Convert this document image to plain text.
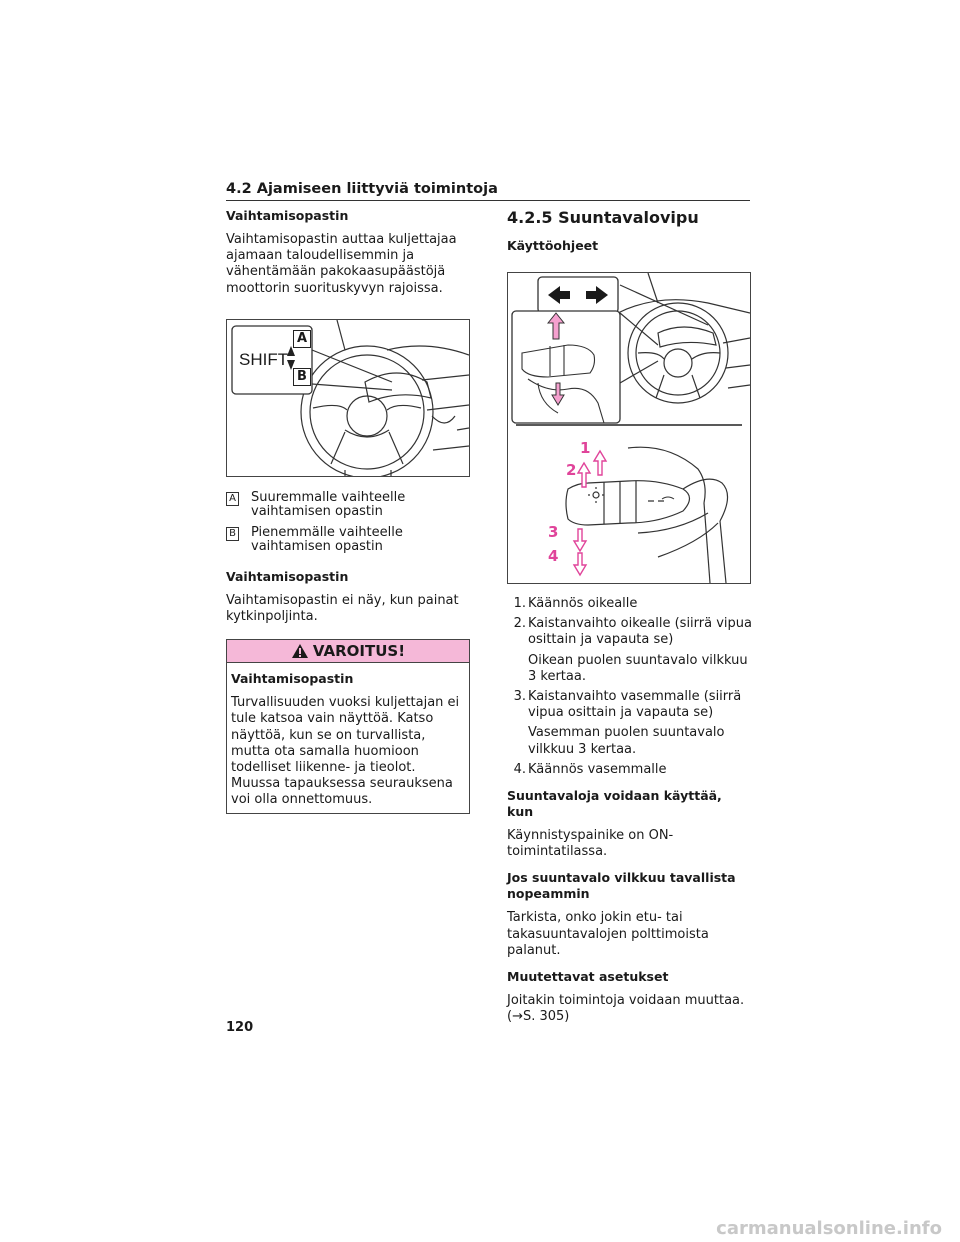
4.2 Ajamiseen liittyviä toimintoja
Vaihtamisopastin
Vaihtamisopastin auttaa kuljettajaa ajamaan taloudellisemmin ja vähentämään pakokaasupäästöjä moottorin suorituskyvyn rajoissa.
SHIFT
A
B
A Suuremmalle vaihteelle vaihtamisen opastin
B Pienemmälle vaihteelle vaihtamisen opastin
Vaihtamisopastin
Vaihtamisopastin ei näy, kun painat kytkinpoljinta.
VAROITUS!
Vaihtamisopastin
Turvallisuuden vuoksi kuljettajan ei tule katsoa vain näyttöä. Katso näyttöä, kun se on turvallista, mutta ota samalla huomioon todelliset liikenne- ja tieolot. Muussa tapauksessa seurauksena voi olla onnettomuus.
4.2.5 Suuntavalovipu
Käyttöohjeet
1
2
3
4
1. Käännös oikealle
2. Kaistanvaihto oikealle (siirrä vipua osittain ja vapauta se)
Oikean puolen suuntavalo vilkkuu 3 kertaa.
3. Kaistanvaihto vasemmalle (siirrä vipua osittain ja vapauta se)
Vasemman puolen suuntavalo vilkkuu 3 kertaa.
4. Käännös vasemmalle
Suuntavaloja voidaan käyttää, kun
Käynnistyspainike on ON-toimintatilassa.
Jos suuntavalo vilkkuu tavallista nopeammin
Tarkista, onko jokin etu- tai takasuuntavalojen polttimoista palanut.
Muutettavat asetukset
Joitakin toimintoja voidaan muuttaa. (→S. 305)
120
carmanualsonline.info
